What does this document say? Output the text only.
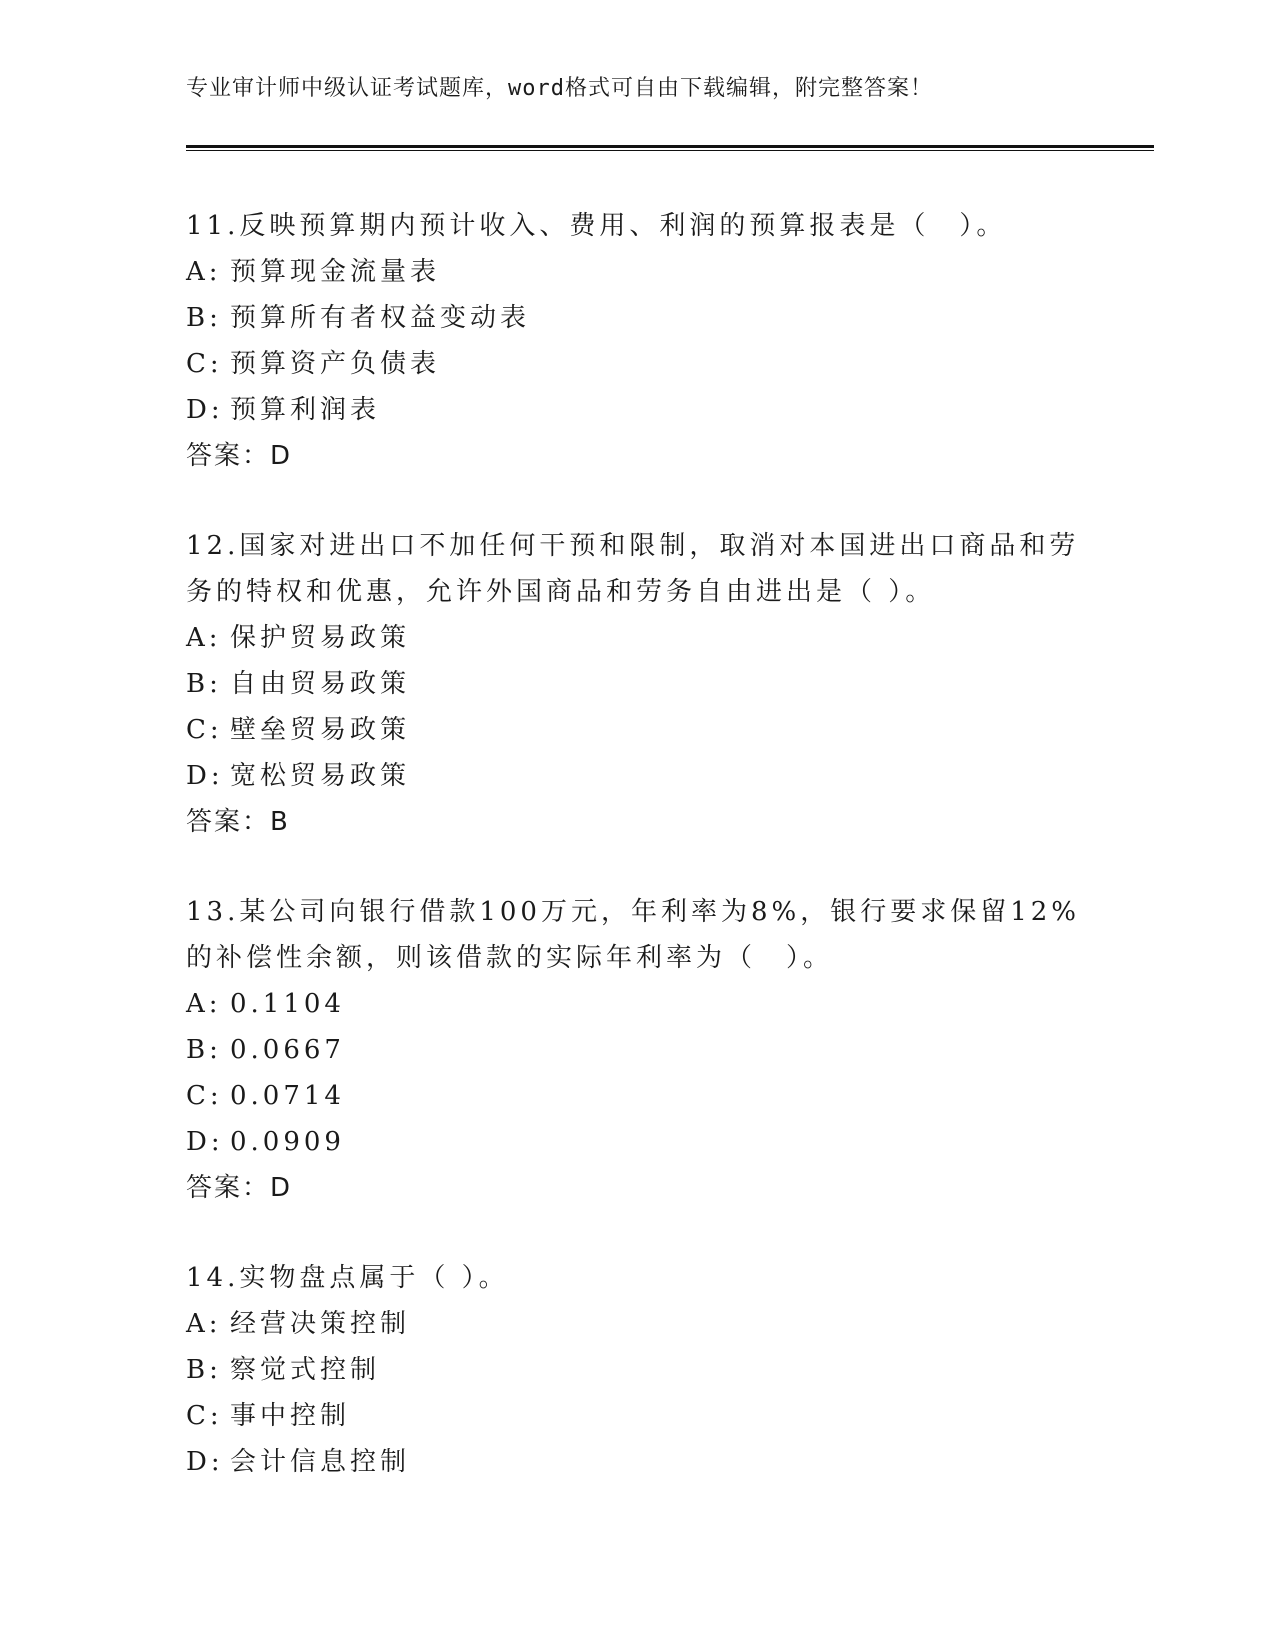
专业审计师中级认证考试题库，word格式可自由下载编辑，附完整答案！
11.反映预算期内预计收入、费用、利润的预算报表是（　）。
A: 预算现金流量表
B: 预算所有者权益变动表
C: 预算资产负债表
D: 预算利润表
答案：D
12.国家对进出口不加任何干预和限制，取消对本国进出口商品和劳务的特权和优惠，允许外国商品和劳务自由进出是（ ）。
A: 保护贸易政策
B: 自由贸易政策
C: 壁垒贸易政策
D: 宽松贸易政策
答案：B
13.某公司向银行借款100万元，年利率为8%，银行要求保留12%的补偿性余额，则该借款的实际年利率为（　）。
A: 0.1104
B: 0.0667
C: 0.0714
D: 0.0909
答案：D
14.实物盘点属于（ ）。
A: 经营决策控制
B: 察觉式控制
C: 事中控制
D: 会计信息控制
